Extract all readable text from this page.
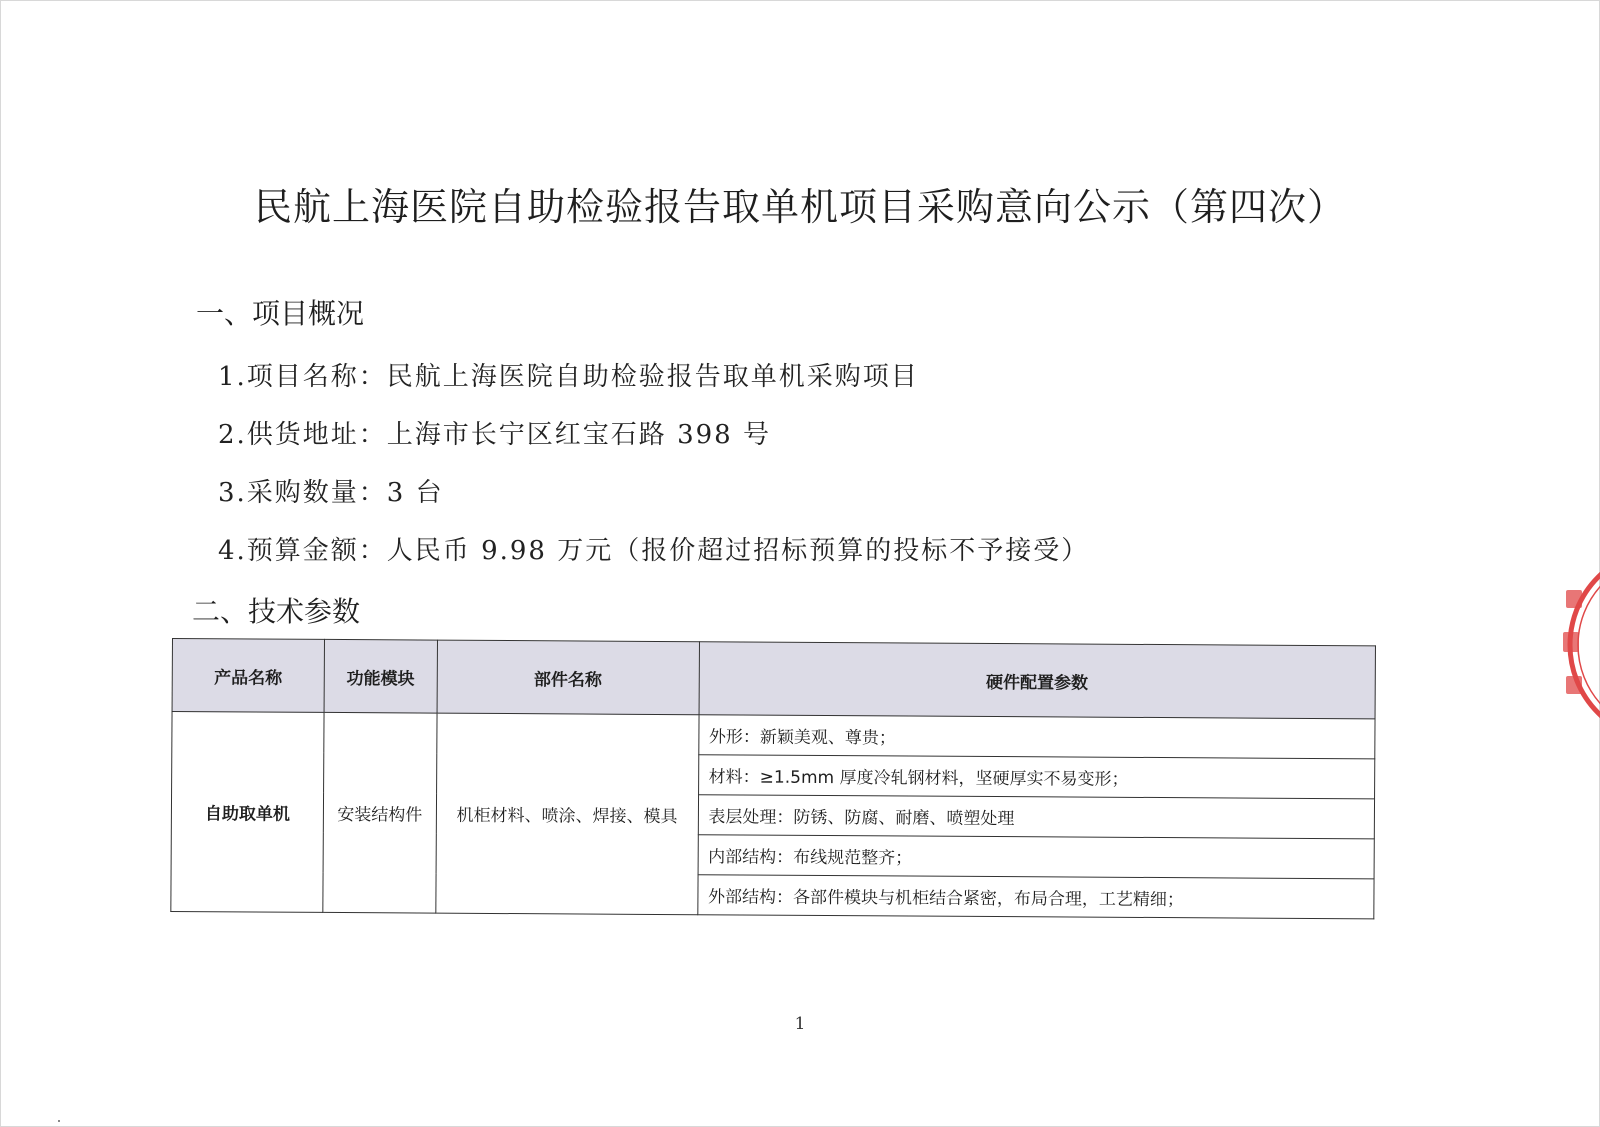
民航上海医院自助检验报告取单机项目采购意向公示（第四次）
一、项目概况
1.项目名称：民航上海医院自助检验报告取单机采购项目
2.供货地址：上海市长宁区红宝石路 398 号
3.采购数量：3 台
4.预算金额：人民币 9.98 万元（报价超过招标预算的投标不予接受）
二、技术参数
产品名称	功能模块	部件名称	硬件配置参数
自助取单机	安装结构件	机柜材料、喷涂、焊接、模具	外形：新颖美观、尊贵；
			材料：≥1.5mm 厚度冷轧钢材料，坚硬厚实不易变形；
			表层处理：防锈、防腐、耐磨、喷塑处理
			内部结构：布线规范整齐；
			外部结构：各部件模块与机柜结合紧密，布局合理，工艺精细；
1
